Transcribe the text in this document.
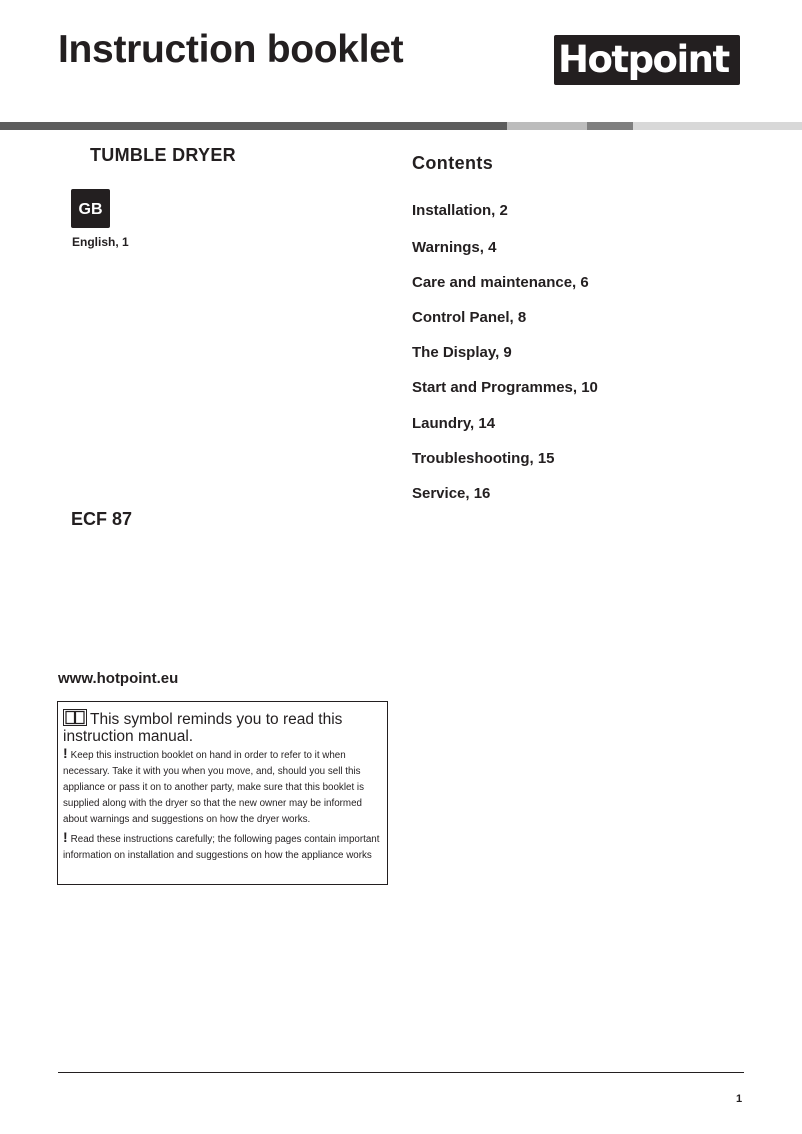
Instruction booklet	Hotpoint
TUMBLE DRYER
GB
English, 1
ECF 87
www.hotpoint.eu
Contents
Installation, 2
Warnings, 4
Care and maintenance, 6
Control Panel, 8
The Display, 9
Start and Programmes, 10
Laundry, 14
Troubleshooting, 15
Service, 16
This symbol reminds you to read this instruction manual.
! Keep this instruction booklet on hand in order to refer to it when necessary. Take it with you when you move, and, should you sell this appliance or pass it on to another party, make sure that this booklet is supplied along with the dryer so that the new owner may be informed about warnings and suggestions on how the dryer works.
! Read these instructions carefully; the following pages contain important information on installation and suggestions on how the appliance works
1
